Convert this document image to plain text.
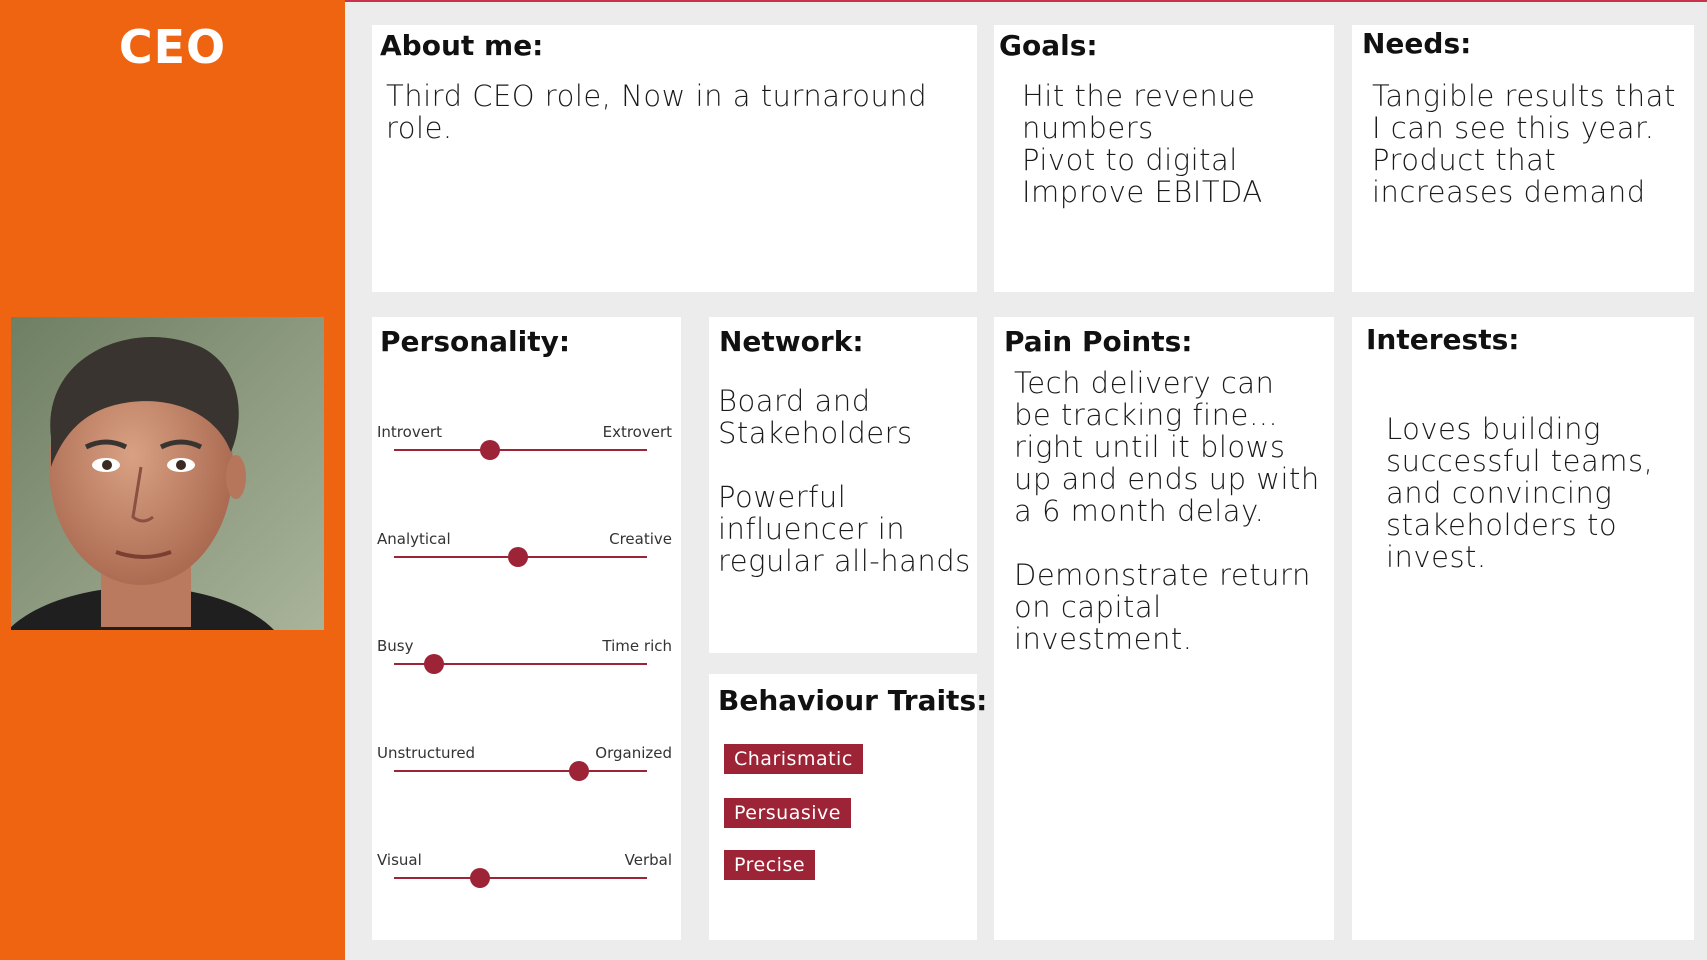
CEO	About me:
Third CEO role, Now in a turnaround
role.
Goals:
Hit the revenue
numbers
Pivot to digital
Improve EBITDA
Needs:
Tangible results that
I can see this year.
Product that
increases demand
Personality:
Introvert	Extrovert
Analytical	Creative
Busy	Time rich
Unstructured	Organized
Visual	Verbal
Network:
Board and
Stakeholders
Powerful
influencer in
regular all-hands
Behaviour Traits:
Charismatic
Persuasive
Precise
Pain Points:
Tech delivery can
be tracking fine…
right until it blows
up and ends up with
a 6 month delay.
Demonstrate return
on capital
investment.
Interests:
Loves building
successful teams,
and convincing
stakeholders to
invest.
